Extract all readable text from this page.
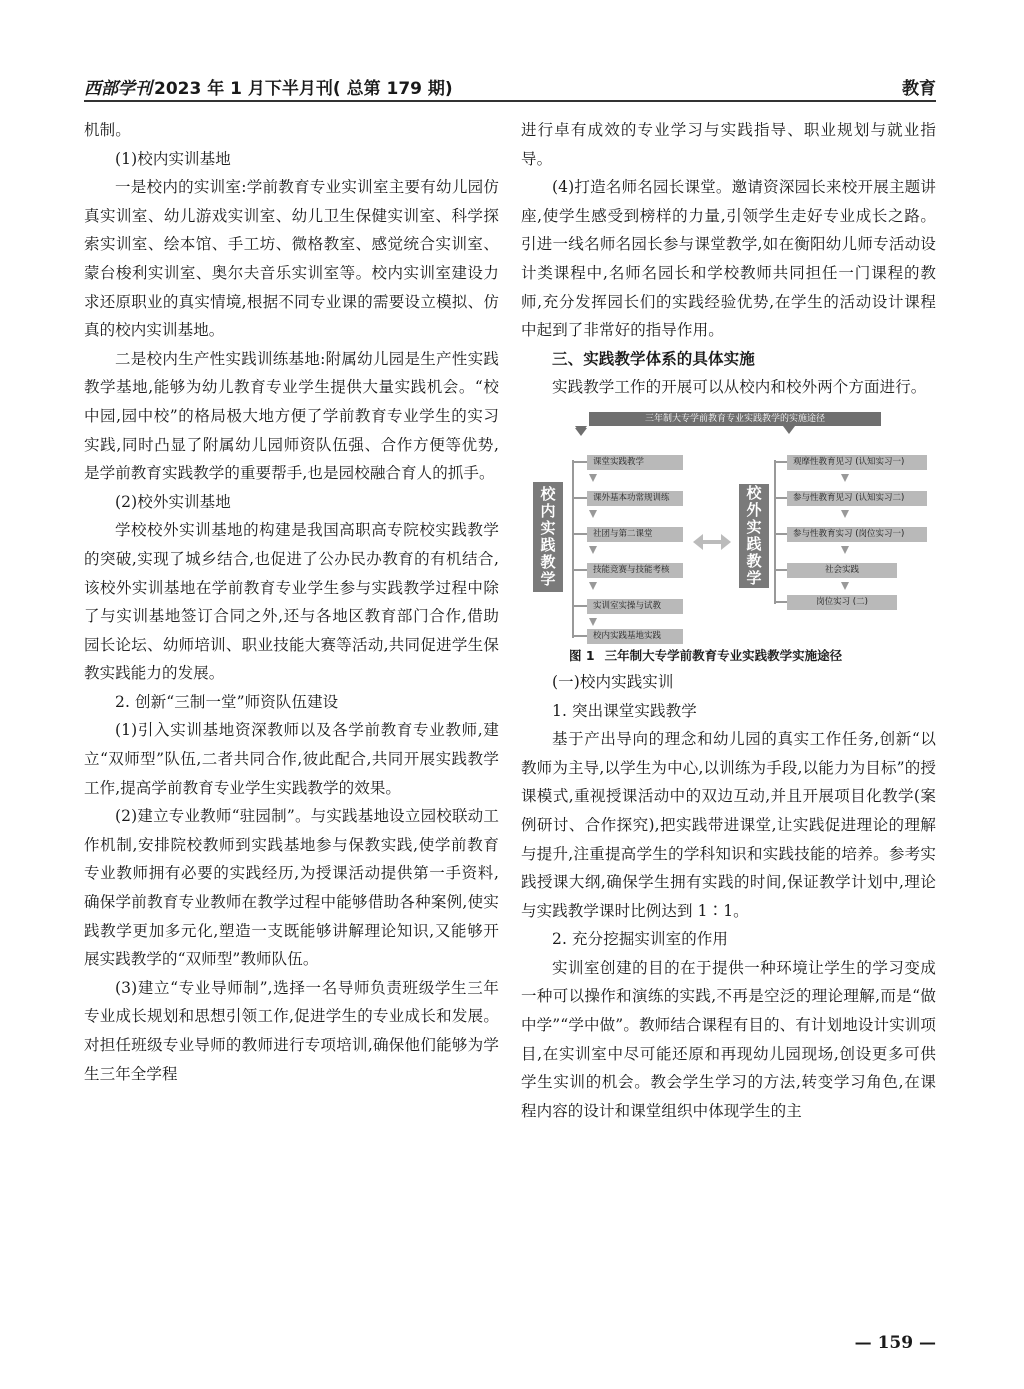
西部学刊 2023 年 1 月下半月刊( 总第 179 期)	教育

机制。

(1)校内实训基地

一是校内的实训室:学前教育专业实训室主要有幼儿园仿真实训室、幼儿游戏实训室、幼儿卫生保健实训室、科学探索实训室、绘本馆、手工坊、微格教室、感觉统合实训室、蒙台梭利实训室、奥尔夫音乐实训室等。校内实训室建设力求还原职业的真实情境,根据不同专业课的需要设立模拟、仿真的校内实训基地。

二是校内生产性实践训练基地:附属幼儿园是生产性实践教学基地,能够为幼儿教育专业学生提供大量实践机会。“校中园,园中校”的格局极大地方便了学前教育专业学生的实习实践,同时凸显了附属幼儿园师资队伍强、合作方便等优势,是学前教育实践教学的重要帮手,也是园校融合育人的抓手。

(2)校外实训基地

学校校外实训基地的构建是我国高职高专院校实践教学的突破,实现了城乡结合,也促进了公办民办教育的有机结合,该校外实训基地在学前教育专业学生参与实践教学过程中除了与实训基地签订合同之外,还与各地区教育部门合作,借助园长论坛、幼师培训、职业技能大赛等活动,共同促进学生保教实践能力的发展。

2. 创新“三制一堂”师资队伍建设

(1)引入实训基地资深教师以及各学前教育专业教师,建立“双师型”队伍,二者共同合作,彼此配合,共同开展实践教学工作,提高学前教育专业学生实践教学的效果。

(2)建立专业教师“驻园制”。与实践基地设立园校联动工作机制,安排院校教师到实践基地参与保教实践,使学前教育专业教师拥有必要的实践经历,为授课活动提供第一手资料,确保学前教育专业教师在教学过程中能够借助各种案例,使实践教学更加多元化,塑造一支既能够讲解理论知识,又能够开展实践教学的“双师型”教师队伍。

(3)建立“专业导师制”,选择一名导师负责班级学生三年专业成长规划和思想引领工作,促进学生的专业成长和发展。对担任班级专业导师的教师进行专项培训,确保他们能够为学生三年全学程

进行卓有成效的专业学习与实践指导、职业规划与就业指导。

(4)打造名师名园长课堂。邀请资深园长来校开展主题讲座,使学生感受到榜样的力量,引领学生走好专业成长之路。引进一线名师名园长参与课堂教学,如在衡阳幼儿师专活动设计类课程中,名师名园长和学校教师共同担任一门课程的教师,充分发挥园长们的实践经验优势,在学生的活动设计课程中起到了非常好的指导作用。

三、实践教学体系的具体实施

实践教学工作的开展可以从校内和校外两个方面进行。

三年制大专学前教育专业实践教学的实施途径
校内实践教学	校外实践教学
课堂实践教学
课外基本功常规训练
社团与第二课堂
技能竞赛与技能考核
实训室实操与试教
校内实践基地实践
观摩性教育见习 (认知实习一)
参与性教育见习 (认知实习二)
参与性教育实习 (岗位实习一)
社会实践
岗位实习 (二)

图 1 三年制大专学前教育专业实践教学实施途径

(一)校内实践实训

1. 突出课堂实践教学

基于产出导向的理念和幼儿园的真实工作任务,创新“以教师为主导,以学生为中心,以训练为手段,以能力为目标”的授课模式,重视授课活动中的双边互动,并且开展项目化教学(案例研讨、合作探究),把实践带进课堂,让实践促进理论的理解与提升,注重提高学生的学科知识和实践技能的培养。参考实践授课大纲,确保学生拥有实践的时间,保证教学计划中,理论与实践教学课时比例达到 1∶1。

2. 充分挖掘实训室的作用

实训室创建的目的在于提供一种环境让学生的学习变成一种可以操作和演练的实践,不再是空泛的理论理解,而是“做中学”“学中做”。教师结合课程有目的、有计划地设计实训项目,在实训室中尽可能还原和再现幼儿园现场,创设更多可供学生实训的机会。教会学生学习的方法,转变学习角色,在课程内容的设计和课堂组织中体现学生的主

— 159 —
